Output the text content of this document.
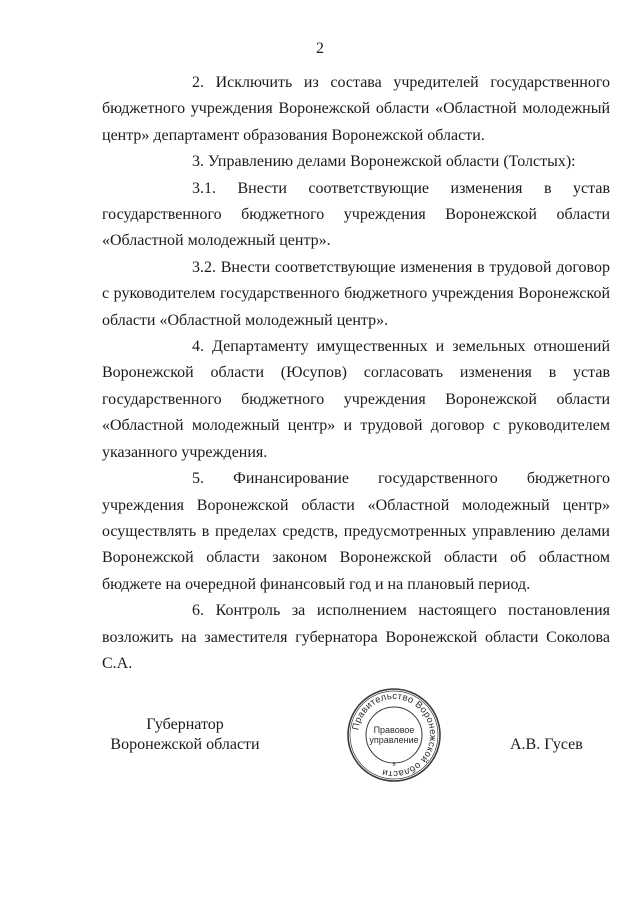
2

2. Исключить из состава учредителей государственного бюджетного учреждения Воронежской области «Областной молодежный центр» департамент образования Воронежской области.

3. Управлению делами Воронежской области (Толстых):

3.1. Внести соответствующие изменения в устав государственного бюджетного учреждения Воронежской области «Областной молодежный центр».

3.2. Внести соответствующие изменения в трудовой договор с руководителем государственного бюджетного учреждения Воронежской области «Областной молодежный центр».

4. Департаменту имущественных и земельных отношений Воронежской области (Юсупов) согласовать изменения в устав государственного бюджетного учреждения Воронежской области «Областной молодежный центр» и трудовой договор с руководителем указанного учреждения.

5. Финансирование государственного бюджетного учреждения Воронежской области «Областной молодежный центр» осуществлять в пределах средств, предусмотренных управлению делами Воронежской области законом Воронежской области об областном бюджете на очередной финансовый год и на плановый период.

6. Контроль за исполнением настоящего постановления возложить на заместителя губернатора Воронежской области Соколова С.А.

Губернатор
Воронежской области
Правительство Воронежской области
Правовое
управление
8
А.В. Гусев
